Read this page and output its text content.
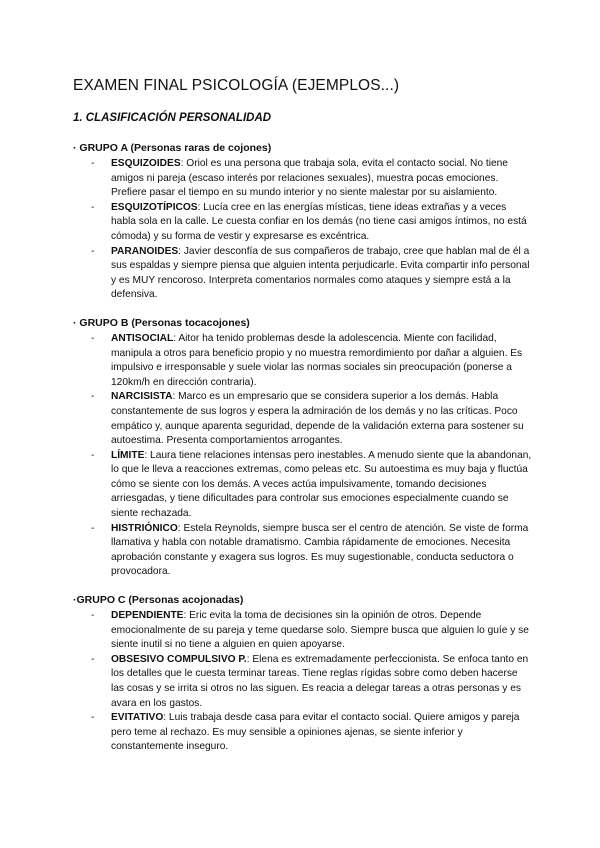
EXAMEN FINAL PSICOLOGÍA (EJEMPLOS...)
1. CLASIFICACIÓN PERSONALIDAD
· GRUPO A (Personas raras de cojones)
- ESQUIZOIDES: Oriol es una persona que trabaja sola, evita el contacto social. No tiene amigos ni pareja (escaso interés por relaciones sexuales), muestra pocas emociones. Prefiere pasar el tiempo en su mundo interior y no siente malestar por su aislamiento.
- ESQUIZOTÍPICOS: Lucía cree en las energías místicas, tiene ideas extrañas y a veces habla sola en la calle. Le cuesta confiar en los demás (no tiene casi amigos íntimos, no está cómoda) y su forma de vestir y expresarse es excéntrica.
- PARANOIDES: Javier desconfía de sus compañeros de trabajo, cree que hablan mal de él a sus espaldas y siempre piensa que alguien intenta perjudicarle. Evita compartir info personal y es MUY rencoroso. Interpreta comentarios normales como ataques y siempre está a la defensiva.
· GRUPO B (Personas tocacojones)
- ANTISOCIAL: Aitor ha tenido problemas desde la adolescencia. Miente con facilidad, manipula a otros para beneficio propio y no muestra remordimiento por dañar a alguien. Es impulsivo e irresponsable y suele violar las normas sociales sin preocupación (ponerse a 120km/h en dirección contraria).
- NARCISISTA: Marco es un empresario que se considera superior a los demás. Habla constantemente de sus logros y espera la admiración de los demás y no las críticas. Poco empático y, aunque aparenta seguridad, depende de la validación externa para sostener su autoestima. Presenta comportamientos arrogantes.
- LÍMITE: Laura tiene relaciones intensas pero inestables. A menudo siente que la abandonan, lo que le lleva a reacciones extremas, como peleas etc. Su autoestima es muy baja y fluctúa cómo se siente con los demás. A veces actúa impulsivamente, tomando decisiones arriesgadas, y tiene dificultades para controlar sus emociones especialmente cuando se siente rechazada.
- HISTRIÓNICO: Estela Reynolds, siempre busca ser el centro de atención. Se viste de forma llamativa y habla con notable dramatismo. Cambia rápidamente de emociones. Necesita aprobación constante y exagera sus logros. Es muy sugestionable, conducta seductora o provocadora.
·GRUPO C (Personas acojonadas)
- DEPENDIENTE: Eric evita la toma de decisiones sin la opinión de otros. Depende emocionalmente de su pareja y teme quedarse solo. Siempre busca que alguien lo guíe y se siente inutil si no tiene a alguien en quien apoyarse.
- OBSESIVO COMPULSIVO P.: Elena es extremadamente perfeccionista. Se enfoca tanto en los detalles que le cuesta terminar tareas. Tiene reglas rígidas sobre como deben hacerse las cosas y se irrita si otros no las siguen. Es reacia a delegar tareas a otras personas y es avara en los gastos.
- EVITATIVO: Luis trabaja desde casa para evitar el contacto social. Quiere amigos y pareja pero teme al rechazo. Es muy sensible a opiniones ajenas, se siente inferior y constantemente inseguro.
